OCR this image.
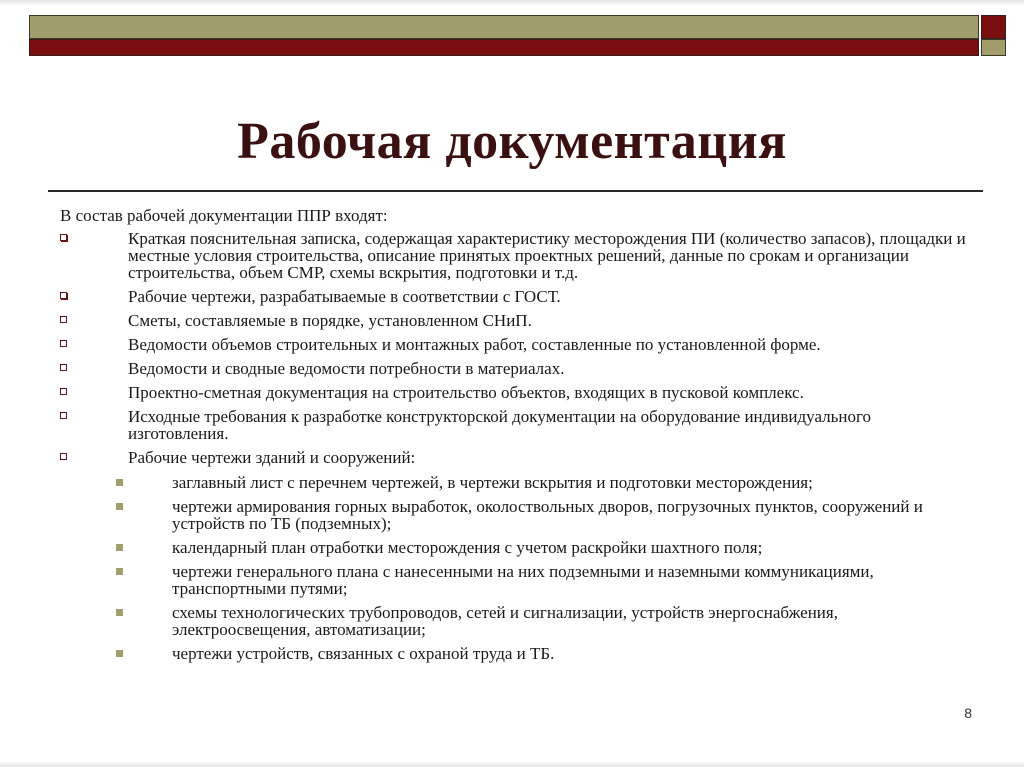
Рабочая документация

В состав рабочей документации ППР входят:

Краткая пояснительная записка, содержащая характеристику месторождения ПИ (количество запасов), площадки и местные условия строительства, описание принятых проектных решений, данные по срокам и организации строительства, объем СМР, схемы вскрытия, подготовки и т.д.
Рабочие чертежи, разрабатываемые в соответствии с ГОСТ.
Сметы, составляемые в порядке, установленном СНиП.
Ведомости объемов строительных и монтажных работ, составленные по установленной форме.
Ведомости и сводные ведомости потребности в материалах.
Проектно-сметная документация на строительство объектов, входящих в пусковой комплекс.
Исходные требования к разработке конструкторской документации на оборудование индивидуального изготовления.
Рабочие чертежи зданий и сооружений:
заглавный лист с перечнем чертежей, в чертежи вскрытия и подготовки месторождения;
чертежи армирования горных выработок, околоствольных дворов, погрузочных пунктов, сооружений и устройств по ТБ (подземных);
календарный план отработки месторождения с учетом раскройки шахтного поля;
чертежи генерального плана с нанесенными на них подземными и наземными коммуникациями, транспортными путями;
схемы технологических трубопроводов, сетей и сигнализации, устройств энергоснабжения, электроосвещения, автоматизации;
чертежи устройств, связанных с охраной труда и ТБ.
8
